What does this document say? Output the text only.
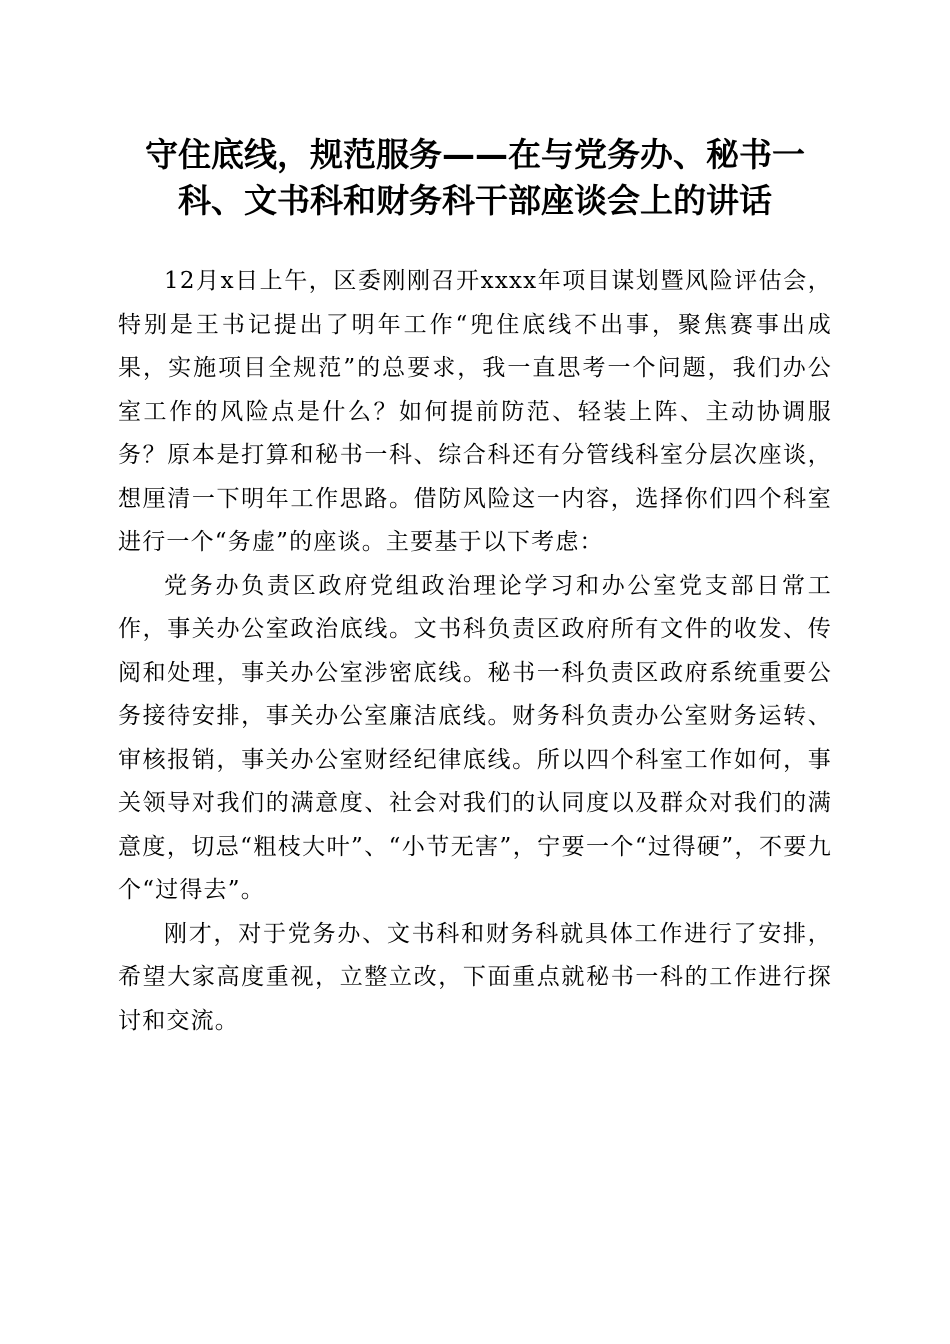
守住底线，规范服务——在与党务办、秘书一
科、文书科和财务科干部座谈会上的讲话

12月x日上午，区委刚刚召开xxxx年项目谋划暨风险评估会，特别是王书记提出了明年工作“兜住底线不出事，聚焦赛事出成果，实施项目全规范”的总要求，我一直思考一个问题，我们办公室工作的风险点是什么？如何提前防范、轻装上阵、主动协调服务？原本是打算和秘书一科、综合科还有分管线科室分层次座谈，想厘清一下明年工作思路。借防风险这一内容，选择你们四个科室进行一个“务虚”的座谈。主要基于以下考虑：

党务办负责区政府党组政治理论学习和办公室党支部日常工作，事关办公室政治底线。文书科负责区政府所有文件的收发、传阅和处理，事关办公室涉密底线。秘书一科负责区政府系统重要公务接待安排，事关办公室廉洁底线。财务科负责办公室财务运转、审核报销，事关办公室财经纪律底线。所以四个科室工作如何，事关领导对我们的满意度、社会对我们的认同度以及群众对我们的满意度，切忌“粗枝大叶”、“小节无害”，宁要一个“过得硬”，不要九个“过得去”。

刚才，对于党务办、文书科和财务科就具体工作进行了安排，希望大家高度重视，立整立改，下面重点就秘书一科的工作进行探讨和交流。
